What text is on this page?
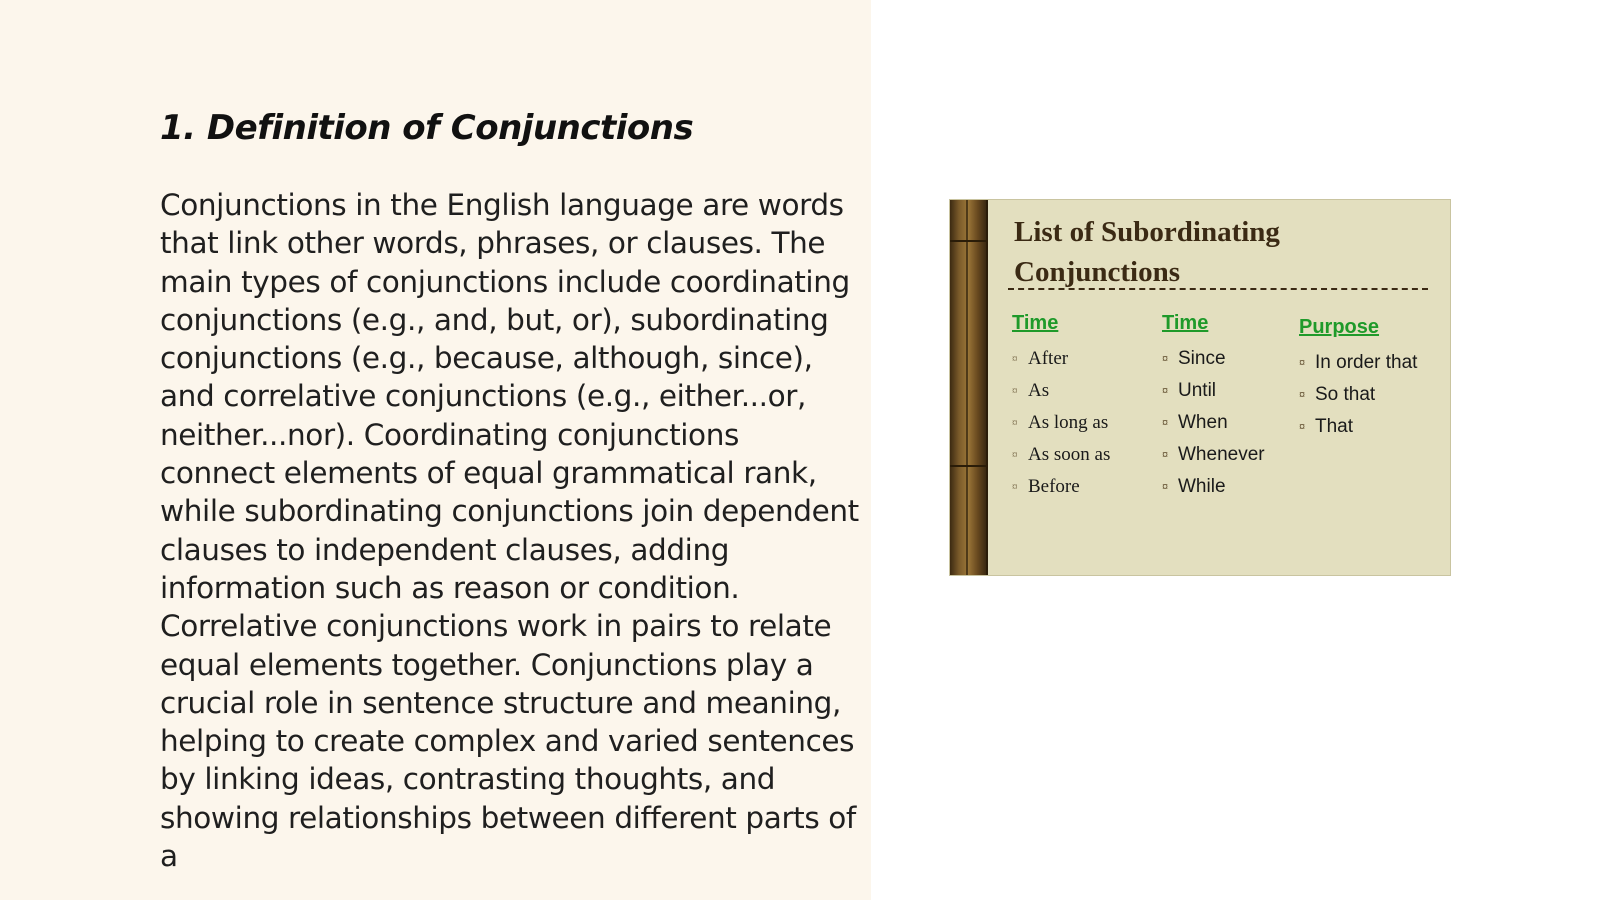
1. Definition of Conjunctions

Conjunctions in the English language are words that link other words, phrases, or clauses. The main types of conjunctions include coordinating conjunctions (e.g., and, but, or), subordinating conjunctions (e.g., because, although, since), and correlative conjunctions (e.g., either...or, neither...nor). Coordinating conjunctions connect elements of equal grammatical rank, while subordinating conjunctions join dependent clauses to independent clauses, adding information such as reason or condition. Correlative conjunctions work in pairs to relate equal elements together. Conjunctions play a crucial role in sentence structure and meaning, helping to create complex and varied sentences by linking ideas, contrasting thoughts, and showing relationships between different parts of a

List of Subordinating
Conjunctions
Time
¤ After
¤ As
¤ As long as
¤ As soon as
¤ Before
Time
¤ Since
¤ Until
¤ When
¤ Whenever
¤ While
Purpose
¤ In order that
¤ So that
¤ That
